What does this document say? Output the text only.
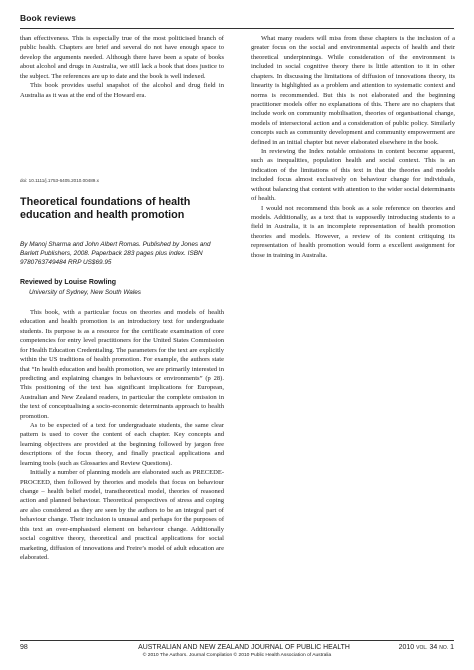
Book reviews

than effectiveness. This is especially true of the most politicised branch of public health. Chapters are brief and several do not have enough space to develop the arguments needed. Although there have been a spate of books about alcohol and drugs in Australia, we still lack a book that does justice to the subject. The references are up to date and the book is well indexed.

This book provides useful snapshot of the alcohol and drug field in Australia as it was at the end of the Howard era.

doi: 10.1111/j.1753-6405.2010.00489.x
Theoretical foundations of health education and health promotion
By Manoj Sharma and John Albert Romas. Published by Jones and Barlett Publishers, 2008. Paperback 283 pages plus index. ISBN 9780763749484 RRP US$69.95
Reviewed by Louise Rowling
University of Sydney, New South Wales

This book, with a particular focus on theories and models of health education and health promotion is an introductory text for undergraduate students. Its purpose is as a resource for the certificate examination of core competencies for entry level practitioners for the United States Commission for Health Education Credentialing. The parameters for the text are explicitly within the US traditions of health promotion. For example, the authors state that “In health education and health promotion, we are primarily interested in predicting and explaining changes in behaviours or environments” (p 28). This positioning of the text has significant implications for European, Australian and New Zealand readers, in particular the complete omission in the text of conceptualising a socio-economic determinants approach to health promotion.

As to be expected of a text for undergraduate students, the same clear pattern is used to cover the content of each chapter. Key concepts and learning objectives are provided at the beginning followed by jargon free descriptions of the focus theory, and finally practical applications and learning tools (such as Glossaries and Review Questions).

Initially a number of planning models are elaborated such as PRECEDE-PROCEED, then followed by theories and models that focus on behaviour change – health belief model, transtheoretical model, theories of reasoned action and planned behaviour. Theoretical perspectives of stress and coping are also considered as they are seen by the authors to be an integral part of behaviour change. Their inclusion is unusual and perhaps for the purposes of this text an over-emphasised element on behaviour change. Additionally social cognitive theory, theoretical and practical applications for social marketing, diffusion of innovations and Freire’s model of adult education are elaborated.

What many readers will miss from these chapters is the inclusion of a greater focus on the social and environmental aspects of health and their theoretical underpinnings. While consideration of the environment is included in social cognitive theory there is little attention to it in other chapters. In discussing the limitations of diffusion of innovations theory, its linearity is highlighted as a problem and attention to systematic context and norms is recommended. But this is not elaborated and the beginning practitioner models offer no explanations of this. There are no chapters that include work on community mobilisation, theories of organisational change, models of intersectoral action and a consideration of public policy. Similarly concepts such as community development and community empowerment are defined in an initial chapter but never elaborated elsewhere in the book.

In reviewing the Index notable omissions in content become apparent, such as inequalities, population health and social context. This is an indication of the limitations of this text in that the theories and models included focus almost exclusively on behaviour change for individuals, without balancing that content with attention to the wider social determinants of health.

I would not recommend this book as a sole reference on theories and models. Additionally, as a text that is supposedly introducing students to a field in Australia, it is an incomplete representation of health promotion theories and models. However, a review of its content critiquing its representation of health promotion would form a excellent assignment for those in training in Australia.

98	AUSTRALIAN AND NEW ZEALAND JOURNAL OF PUBLIC HEALTH	2010 VOL. 34 NO. 1
© 2010 The Authors. Journal Compilation © 2010 Public Health Association of Australia
